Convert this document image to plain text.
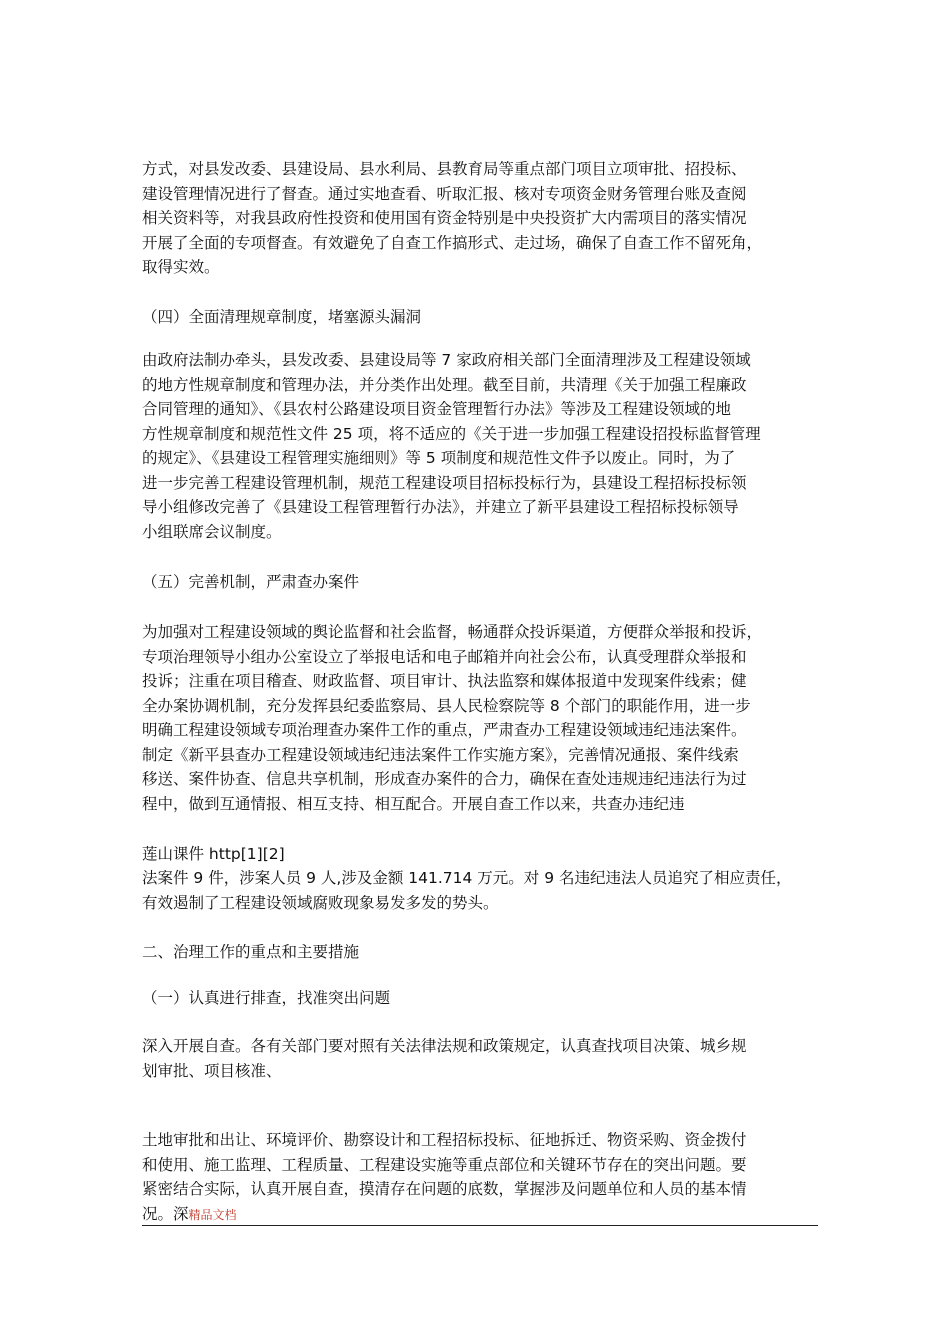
方式，对县发改委、县建设局、县水利局、县教育局等重点部门项目立项审批、招投标、
建设管理情况进行了督查。通过实地查看、听取汇报、核对专项资金财务管理台账及查阅
相关资料等，对我县政府性投资和使用国有资金特别是中央投资扩大内需项目的落实情况
开展了全面的专项督查。有效避免了自查工作搞形式、走过场，确保了自查工作不留死角，
取得实效。
（四）全面清理规章制度，堵塞源头漏洞
由政府法制办牵头，县发改委、县建设局等 7 家政府相关部门全面清理涉及工程建设领域
的地方性规章制度和管理办法，并分类作出处理。截至目前，共清理《关于加强工程廉政
合同管理的通知》、《县农村公路建设项目资金管理暂行办法》等涉及工程建设领域的地
方性规章制度和规范性文件 25 项，将不适应的《关于进一步加强工程建设招投标监督管理
的规定》、《县建设工程管理实施细则》等 5 项制度和规范性文件予以废止。同时，为了
进一步完善工程建设管理机制，规范工程建设项目招标投标行为，县建设工程招标投标领
导小组修改完善了《县建设工程管理暂行办法》，并建立了新平县建设工程招标投标领导
小组联席会议制度。
（五）完善机制，严肃查办案件
为加强对工程建设领域的舆论监督和社会监督，畅通群众投诉渠道，方便群众举报和投诉，
专项治理领导小组办公室设立了举报电话和电子邮箱并向社会公布，认真受理群众举报和
投诉；注重在项目稽查、财政监督、项目审计、执法监察和媒体报道中发现案件线索；健
全办案协调机制，充分发挥县纪委监察局、县人民检察院等 8 个部门的职能作用，进一步
明确工程建设领域专项治理查办案件工作的重点，严肃查办工程建设领域违纪违法案件。
制定《新平县查办工程建设领域违纪违法案件工作实施方案》，完善情况通报、案件线索
移送、案件协查、信息共享机制，形成查办案件的合力，确保在查处违规违纪违法行为过
程中，做到互通情报、相互支持、相互配合。开展自查工作以来，共查办违纪违
莲山课件 http[1][2]
法案件 9 件，涉案人员 9 人,涉及金额 141.714 万元。对 9 名违纪违法人员追究了相应责任，
有效遏制了工程建设领域腐败现象易发多发的势头。
二、治理工作的重点和主要措施
（一）认真进行排查，找准突出问题
深入开展自查。各有关部门要对照有关法律法规和政策规定，认真查找项目决策、城乡规
划审批、项目核准、
土地审批和出让、环境评价、勘察设计和工程招标投标、征地拆迁、物资采购、资金拨付
和使用、施工监理、工程质量、工程建设实施等重点部位和关键环节存在的突出问题。要
紧密结合实际，认真开展自查，摸清存在问题的底数，掌握涉及问题单位和人员的基本情
况。深精品文档
